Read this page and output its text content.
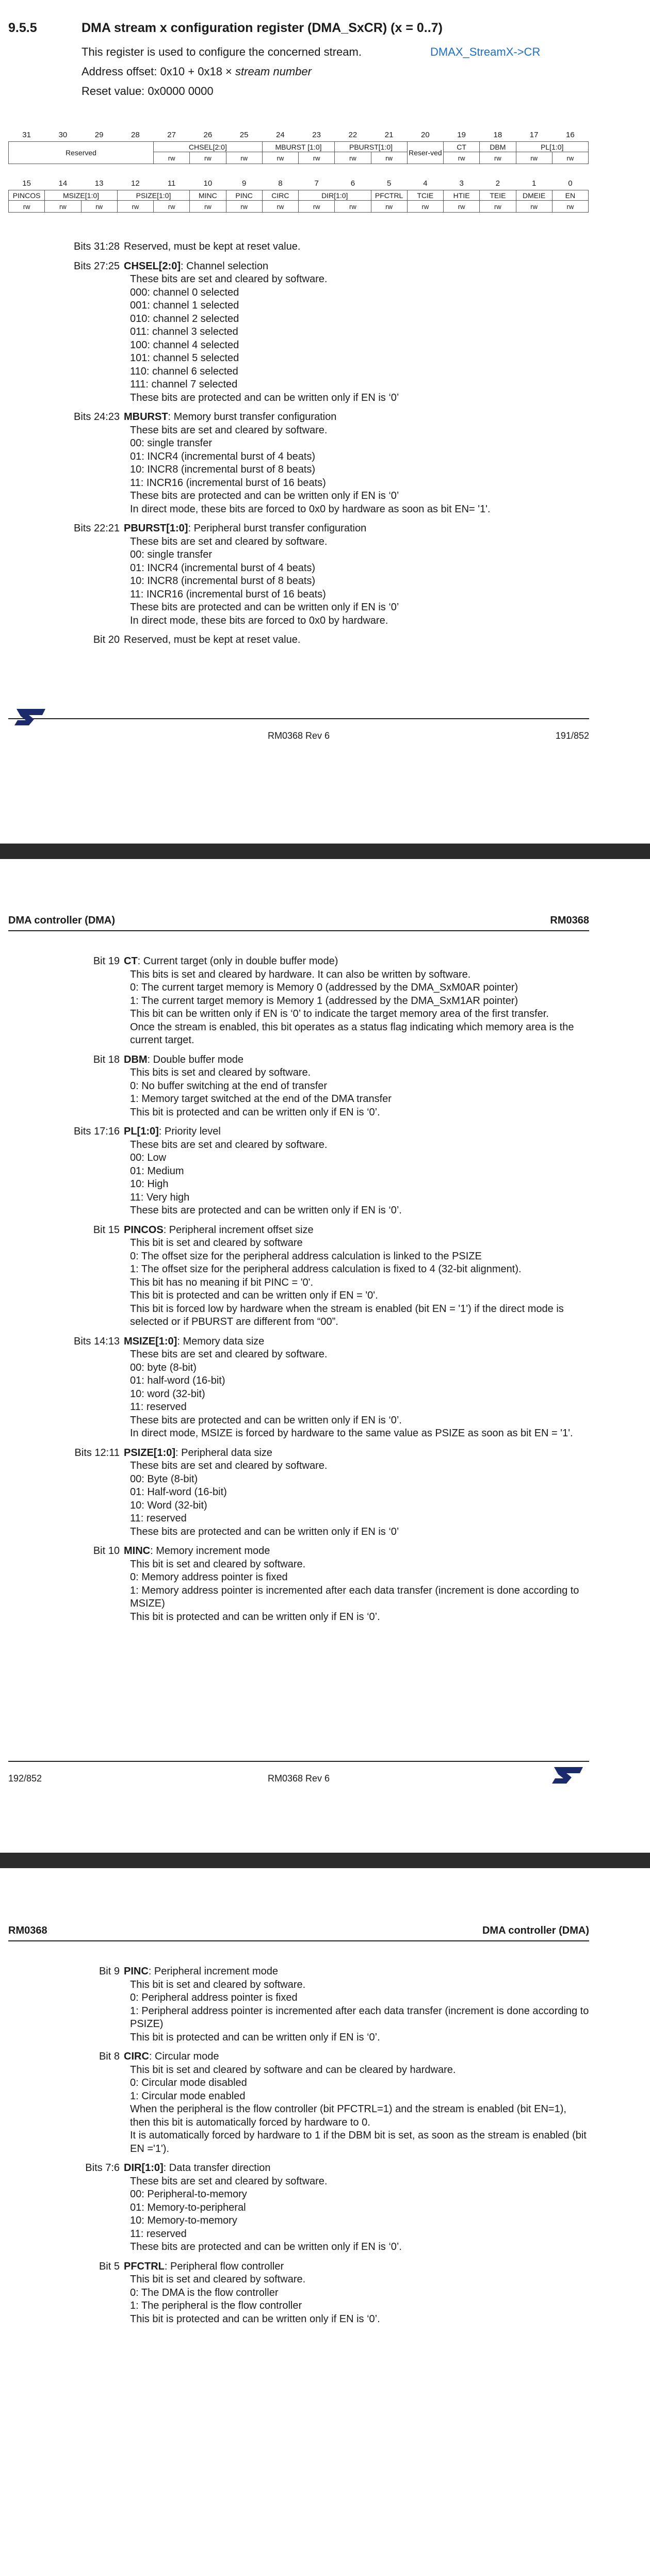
9.5.5	DMA stream x configuration register (DMA_SxCR) (x = 0..7)
This register is used to configure the concerned stream.	DMAX_StreamX->CR
Address offset: 0x10 + 0x18 × stream number
Reset value: 0x0000 0000
31	30	29	28	27	26	25	24	23	22	21	20	19	18	17	16
Reserved				CHSEL[2:0]			MBURST [1:0]		PBURST[1:0]		Reser-ved	CT	DBM	PL[1:0]	
				rw	rw	rw	rw	rw	rw	rw		rw	rw	rw	rw
15	14	13	12	11	10	9	8	7	6	5	4	3	2	1	0
PINCOS	MSIZE[1:0]		PSIZE[1:0]		MINC	PINC	CIRC	DIR[1:0]		PFCTRL	TCIE	HTIE	TEIE	DMEIE	EN
rw	rw	rw	rw	rw	rw	rw	rw	rw	rw	rw	rw	rw	rw	rw	rw
Bits 31:28 Reserved, must be kept at reset value.
Bits 27:25 CHSEL[2:0]: Channel selection
These bits are set and cleared by software.
000: channel 0 selected
001: channel 1 selected
010: channel 2 selected
011: channel 3 selected
100: channel 4 selected
101: channel 5 selected
110: channel 6 selected
111: channel 7 selected
These bits are protected and can be written only if EN is ‘0’
Bits 24:23 MBURST: Memory burst transfer configuration
These bits are set and cleared by software.
00: single transfer
01: INCR4 (incremental burst of 4 beats)
10: INCR8 (incremental burst of 8 beats)
11: INCR16 (incremental burst of 16 beats)
These bits are protected and can be written only if EN is ‘0’
In direct mode, these bits are forced to 0x0 by hardware as soon as bit EN= '1'.
Bits 22:21 PBURST[1:0]: Peripheral burst transfer configuration
These bits are set and cleared by software.
00: single transfer
01: INCR4 (incremental burst of 4 beats)
10: INCR8 (incremental burst of 8 beats)
11: INCR16 (incremental burst of 16 beats)
These bits are protected and can be written only if EN is ‘0’
In direct mode, these bits are forced to 0x0 by hardware.
Bit 20 Reserved, must be kept at reset value.
RM0368 Rev 6	191/852
DMA controller (DMA)	RM0368
Bit 19 CT: Current target (only in double buffer mode)
This bits is set and cleared by hardware. It can also be written by software.
0: The current target memory is Memory 0 (addressed by the DMA_SxM0AR pointer)
1: The current target memory is Memory 1 (addressed by the DMA_SxM1AR pointer)
This bit can be written only if EN is ‘0’ to indicate the target memory area of the first transfer.
Once the stream is enabled, this bit operates as a status flag indicating which memory area is the current target.
Bit 18 DBM: Double buffer mode
This bits is set and cleared by software.
0: No buffer switching at the end of transfer
1: Memory target switched at the end of the DMA transfer
This bit is protected and can be written only if EN is ‘0’.
Bits 17:16 PL[1:0]: Priority level
These bits are set and cleared by software.
00: Low
01: Medium
10: High
11: Very high
These bits are protected and can be written only if EN is ‘0’.
Bit 15 PINCOS: Peripheral increment offset size
This bit is set and cleared by software
0: The offset size for the peripheral address calculation is linked to the PSIZE
1: The offset size for the peripheral address calculation is fixed to 4 (32-bit alignment).
This bit has no meaning if bit PINC = '0'.
This bit is protected and can be written only if EN = '0'.
This bit is forced low by hardware when the stream is enabled (bit EN = '1') if the direct mode is selected or if PBURST are different from “00”.
Bits 14:13 MSIZE[1:0]: Memory data size
These bits are set and cleared by software.
00: byte (8-bit)
01: half-word (16-bit)
10: word (32-bit)
11: reserved
These bits are protected and can be written only if EN is ‘0’.
In direct mode, MSIZE is forced by hardware to the same value as PSIZE as soon as bit EN = '1'.
Bits 12:11 PSIZE[1:0]: Peripheral data size
These bits are set and cleared by software.
00: Byte (8-bit)
01: Half-word (16-bit)
10: Word (32-bit)
11: reserved
These bits are protected and can be written only if EN is ‘0’
Bit 10 MINC: Memory increment mode
This bit is set and cleared by software.
0: Memory address pointer is fixed
1: Memory address pointer is incremented after each data transfer (increment is done according to MSIZE)
This bit is protected and can be written only if EN is ‘0’.
192/852	RM0368 Rev 6
RM0368	DMA controller (DMA)
Bit 9 PINC: Peripheral increment mode
This bit is set and cleared by software.
0: Peripheral address pointer is fixed
1: Peripheral address pointer is incremented after each data transfer (increment is done according to PSIZE)
This bit is protected and can be written only if EN is ‘0’.
Bit 8 CIRC: Circular mode
This bit is set and cleared by software and can be cleared by hardware.
0: Circular mode disabled
1: Circular mode enabled
When the peripheral is the flow controller (bit PFCTRL=1) and the stream is enabled (bit EN=1), then this bit is automatically forced by hardware to 0.
It is automatically forced by hardware to 1 if the DBM bit is set, as soon as the stream is enabled (bit EN ='1').
Bits 7:6 DIR[1:0]: Data transfer direction
These bits are set and cleared by software.
00: Peripheral-to-memory
01: Memory-to-peripheral
10: Memory-to-memory
11: reserved
These bits are protected and can be written only if EN is ‘0’.
Bit 5 PFCTRL: Peripheral flow controller
This bit is set and cleared by software.
0: The DMA is the flow controller
1: The peripheral is the flow controller
This bit is protected and can be written only if EN is ‘0’.
